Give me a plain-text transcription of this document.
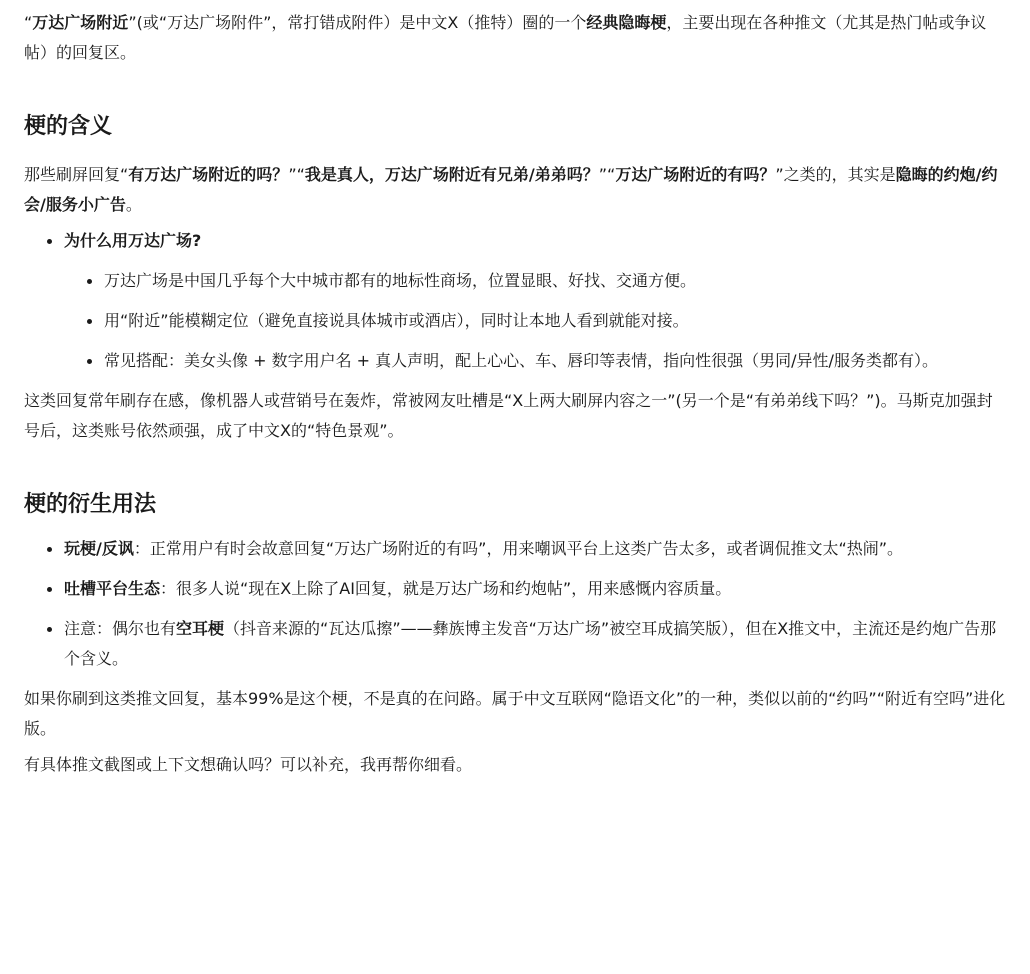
“万达广场附近”(或“万达广场附件”，常打错成附件）是中文X（推特）圈的一个经典隐晦梗，主要出现在各种推文（尤其是热门帖或争议帖）的回复区。

梗的含义

那些刷屏回复“有万达广场附近的吗？”“我是真人，万达广场附近有兄弟/弟弟吗？”“万达广场附近的有吗？”之类的，其实是隐晦的约炮/约会/服务小广告。

为什么用万达广场?
万达广场是中国几乎每个大中城市都有的地标性商场，位置显眼、好找、交通方便。
用“附近”能模糊定位（避免直接说具体城市或酒店），同时让本地人看到就能对接。
常见搭配：美女头像 + 数字用户名 + 真人声明，配上心心、车、唇印等表情，指向性很强（男同/异性/服务类都有）。

这类回复常年刷存在感，像机器人或营销号在轰炸，常被网友吐槽是“X上两大刷屏内容之一”(另一个是“有弟弟线下吗？”)。马斯克加强封号后，这类账号依然顽强，成了中文X的“特色景观”。

梗的衍生用法
玩梗/反讽：正常用户有时会故意回复“万达广场附近的有吗”，用来嘲讽平台上这类广告太多，或者调侃推文太“热闹”。
吐槽平台生态：很多人说“现在X上除了AI回复，就是万达广场和约炮帖”，用来感慨内容质量。
注意：偶尔也有空耳梗（抖音来源的“瓦达瓜擦”——彝族博主发音“万达广场”被空耳成搞笑版），但在X推文中，主流还是约炮广告那个含义。

如果你刷到这类推文回复，基本99%是这个梗，不是真的在问路。属于中文互联网“隐语文化”的一种，类似以前的“约吗”“附近有空吗”进化版。

有具体推文截图或上下文想确认吗？可以补充，我再帮你细看。
